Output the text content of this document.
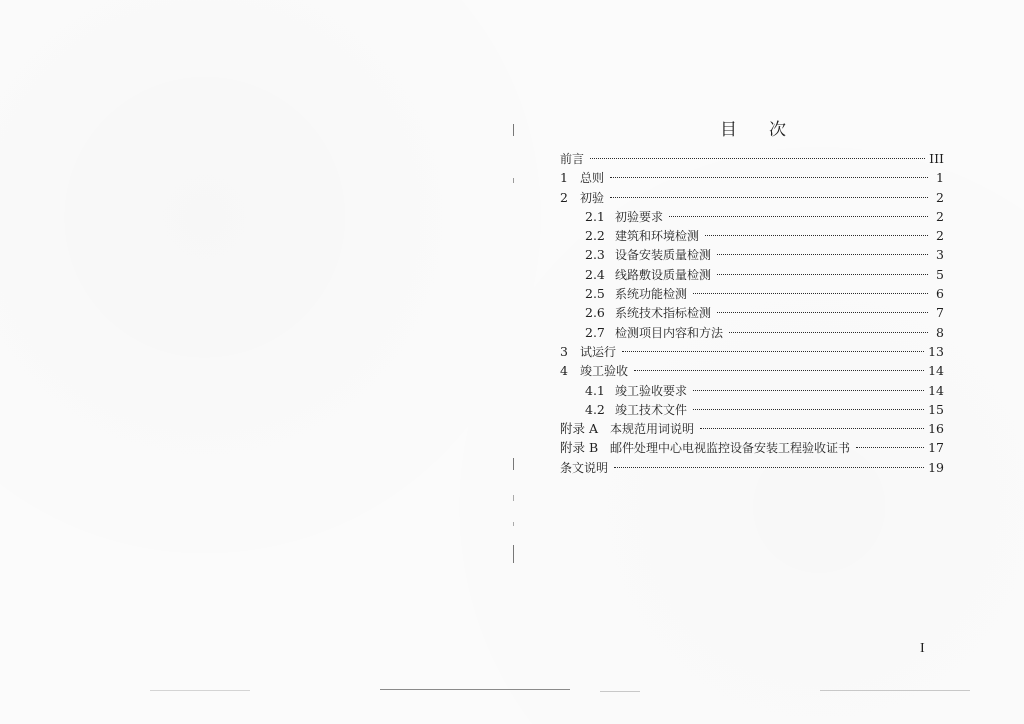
目 次
前言	III
1	总则	1
2	初验	2
2.1 初验要求	2
2.2 建筑和环境检测	2
2.3 设备安装质量检测	3
2.4 线路敷设质量检测	5
2.5 系统功能检测	6
2.6 系统技术指标检测	7
2.7 检测项目内容和方法	8
3	试运行	13
4	竣工验收	14
4.1 竣工验收要求	14
4.2 竣工技术文件	15
附录 A 本规范用词说明	16
附录 B 邮件处理中心电视监控设备安装工程验收证书	17
条文说明	19
I
